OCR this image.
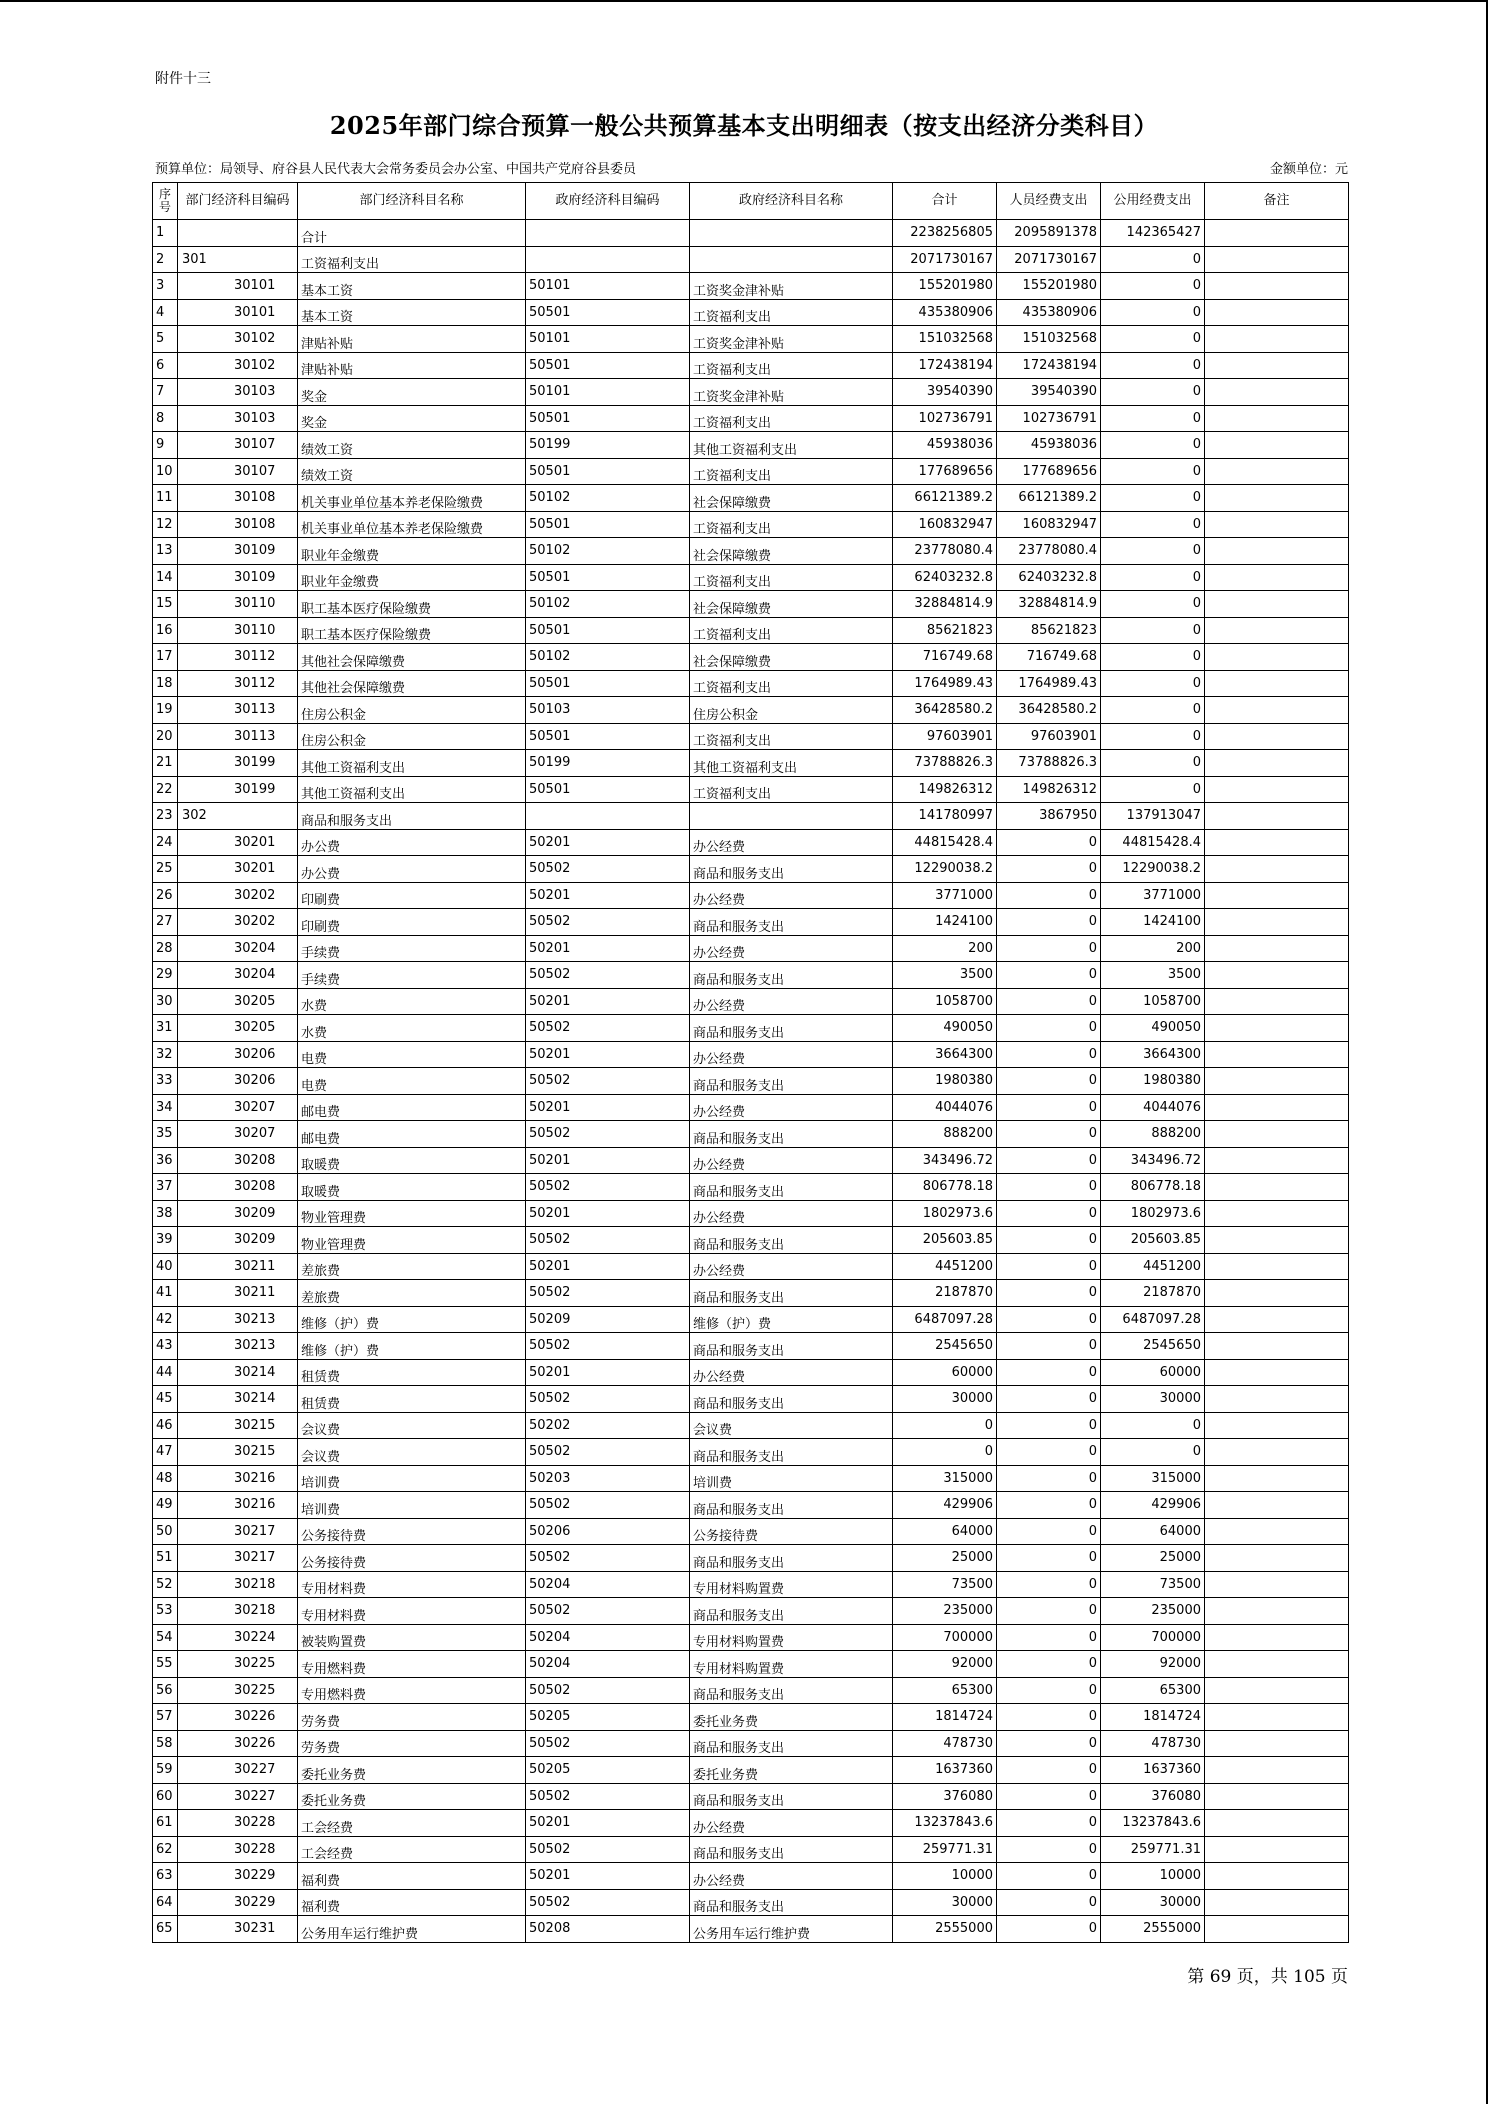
附件十三
2025年部门综合预算一般公共预算基本支出明细表（按支出经济分类科目）
预算单位：局领导、府谷县人民代表大会常务委员会办公室、中国共产党府谷县委员	金额单位：元
序
号	部门经济科目编码	部门经济科目名称	政府经济科目编码	政府经济科目名称	合计	人员经费支出	公用经费支出	备注
1		合计			2238256805	2095891378	142365427	
2	301	工资福利支出			2071730167	2071730167	0	
3	30101	基本工资	50101	工资奖金津补贴	155201980	155201980	0	
4	30101	基本工资	50501	工资福利支出	435380906	435380906	0	
5	30102	津贴补贴	50101	工资奖金津补贴	151032568	151032568	0	
6	30102	津贴补贴	50501	工资福利支出	172438194	172438194	0	
7	30103	奖金	50101	工资奖金津补贴	39540390	39540390	0	
8	30103	奖金	50501	工资福利支出	102736791	102736791	0	
9	30107	绩效工资	50199	其他工资福利支出	45938036	45938036	0	
10	30107	绩效工资	50501	工资福利支出	177689656	177689656	0	
11	30108	机关事业单位基本养老保险缴费	50102	社会保障缴费	66121389.2	66121389.2	0	
12	30108	机关事业单位基本养老保险缴费	50501	工资福利支出	160832947	160832947	0	
13	30109	职业年金缴费	50102	社会保障缴费	23778080.4	23778080.4	0	
14	30109	职业年金缴费	50501	工资福利支出	62403232.8	62403232.8	0	
15	30110	职工基本医疗保险缴费	50102	社会保障缴费	32884814.9	32884814.9	0	
16	30110	职工基本医疗保险缴费	50501	工资福利支出	85621823	85621823	0	
17	30112	其他社会保障缴费	50102	社会保障缴费	716749.68	716749.68	0	
18	30112	其他社会保障缴费	50501	工资福利支出	1764989.43	1764989.43	0	
19	30113	住房公积金	50103	住房公积金	36428580.2	36428580.2	0	
20	30113	住房公积金	50501	工资福利支出	97603901	97603901	0	
21	30199	其他工资福利支出	50199	其他工资福利支出	73788826.3	73788826.3	0	
22	30199	其他工资福利支出	50501	工资福利支出	149826312	149826312	0	
23	302	商品和服务支出			141780997	3867950	137913047	
24	30201	办公费	50201	办公经费	44815428.4	0	44815428.4	
25	30201	办公费	50502	商品和服务支出	12290038.2	0	12290038.2	
26	30202	印刷费	50201	办公经费	3771000	0	3771000	
27	30202	印刷费	50502	商品和服务支出	1424100	0	1424100	
28	30204	手续费	50201	办公经费	200	0	200	
29	30204	手续费	50502	商品和服务支出	3500	0	3500	
30	30205	水费	50201	办公经费	1058700	0	1058700	
31	30205	水费	50502	商品和服务支出	490050	0	490050	
32	30206	电费	50201	办公经费	3664300	0	3664300	
33	30206	电费	50502	商品和服务支出	1980380	0	1980380	
34	30207	邮电费	50201	办公经费	4044076	0	4044076	
35	30207	邮电费	50502	商品和服务支出	888200	0	888200	
36	30208	取暖费	50201	办公经费	343496.72	0	343496.72	
37	30208	取暖费	50502	商品和服务支出	806778.18	0	806778.18	
38	30209	物业管理费	50201	办公经费	1802973.6	0	1802973.6	
39	30209	物业管理费	50502	商品和服务支出	205603.85	0	205603.85	
40	30211	差旅费	50201	办公经费	4451200	0	4451200	
41	30211	差旅费	50502	商品和服务支出	2187870	0	2187870	
42	30213	维修（护）费	50209	维修（护）费	6487097.28	0	6487097.28	
43	30213	维修（护）费	50502	商品和服务支出	2545650	0	2545650	
44	30214	租赁费	50201	办公经费	60000	0	60000	
45	30214	租赁费	50502	商品和服务支出	30000	0	30000	
46	30215	会议费	50202	会议费	0	0	0	
47	30215	会议费	50502	商品和服务支出	0	0	0	
48	30216	培训费	50203	培训费	315000	0	315000	
49	30216	培训费	50502	商品和服务支出	429906	0	429906	
50	30217	公务接待费	50206	公务接待费	64000	0	64000	
51	30217	公务接待费	50502	商品和服务支出	25000	0	25000	
52	30218	专用材料费	50204	专用材料购置费	73500	0	73500	
53	30218	专用材料费	50502	商品和服务支出	235000	0	235000	
54	30224	被装购置费	50204	专用材料购置费	700000	0	700000	
55	30225	专用燃料费	50204	专用材料购置费	92000	0	92000	
56	30225	专用燃料费	50502	商品和服务支出	65300	0	65300	
57	30226	劳务费	50205	委托业务费	1814724	0	1814724	
58	30226	劳务费	50502	商品和服务支出	478730	0	478730	
59	30227	委托业务费	50205	委托业务费	1637360	0	1637360	
60	30227	委托业务费	50502	商品和服务支出	376080	0	376080	
61	30228	工会经费	50201	办公经费	13237843.6	0	13237843.6	
62	30228	工会经费	50502	商品和服务支出	259771.31	0	259771.31	
63	30229	福利费	50201	办公经费	10000	0	10000	
64	30229	福利费	50502	商品和服务支出	30000	0	30000	
65	30231	公务用车运行维护费	50208	公务用车运行维护费	2555000	0	2555000	
第 69 页，共 105 页
